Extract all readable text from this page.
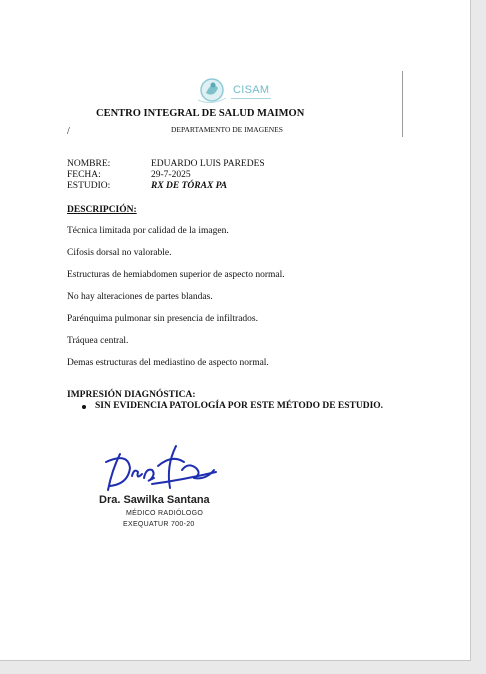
CISAM
CENTRO INTEGRAL DE SALUD MAIMON
/	DEPARTAMENTO DE IMAGENES
NOMBRE:	EDUARDO LUIS PAREDES
FECHA:	29-7-2025
ESTUDIO:	RX DE TÓRAX PA
DESCRIPCIÓN:
Técnica limitada por calidad de la imagen.
Cifosis dorsal no valorable.
Estructuras de hemiabdomen superior de aspecto normal.
No hay alteraciones de partes blandas.
Parénquima pulmonar sin presencia de infiltrados.
Tráquea central.
Demas estructuras del mediastino de aspecto normal.
IMPRESIÓN DIAGNÓSTICA:
SIN EVIDENCIA PATOLOGÍA POR ESTE MÉTODO DE ESTUDIO.
Dra. Sawilka Santana
MÉDICO RADIÓLOGO
EXEQUATUR 700-20
